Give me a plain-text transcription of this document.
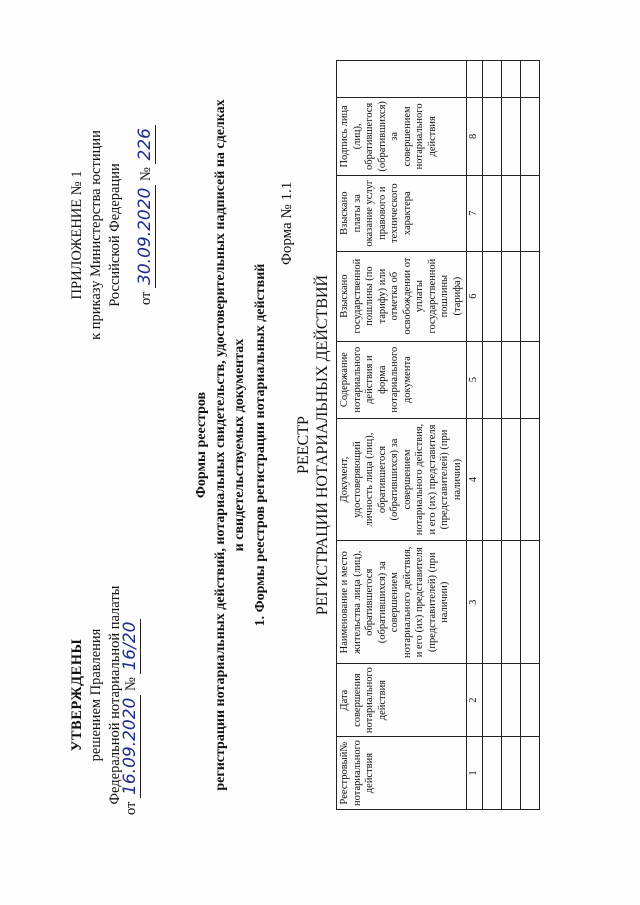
УТВЕРЖДЕНЫ решением Правления Федеральной нотариальной палаты
от 16.09.2020 № 16/20
ПРИЛОЖЕНИЕ № 1 к приказу Министерства юстиции Российской Федерации от 30.09.2020 № 226
Формы реестров регистрации нотариальных действий, нотариальных свидетельств, удостоверительных надписей на сделках и свидетельствуемых документах 1. Формы реестров регистрации нотариальных действий
Форма № 1.1
РЕЕСТР РЕГИСТРАЦИИ НОТАРИАЛЬНЫХ ДЕЙСТВИЙ
Реестровый№ нотариального действия	Дата совершения нотариального действия	Наименование и место жительства лица (лиц), обратившегося (обратившихся) за совершением нотариального действия, и его (их) представителя (представителей) (при наличии)	Документ, удостоверяющий личность лица (лиц), обратившегося (обратившихся) за совершением нотариального действия, и его (их) представителя (представителей) (при наличии)	Содержание нотариального действия и форма нотариального документа	Взыскано государственной пошлины (по тарифу) или отметка об освобождении от уплаты государственной пошлины (тарифа)	Взыскано платы за оказание услуг правового и технического характера	Подпись лица (лиц), обратившегося (обратившихся) за совершением нотариального действия	
1	2	3	4	5	6	7	8	
